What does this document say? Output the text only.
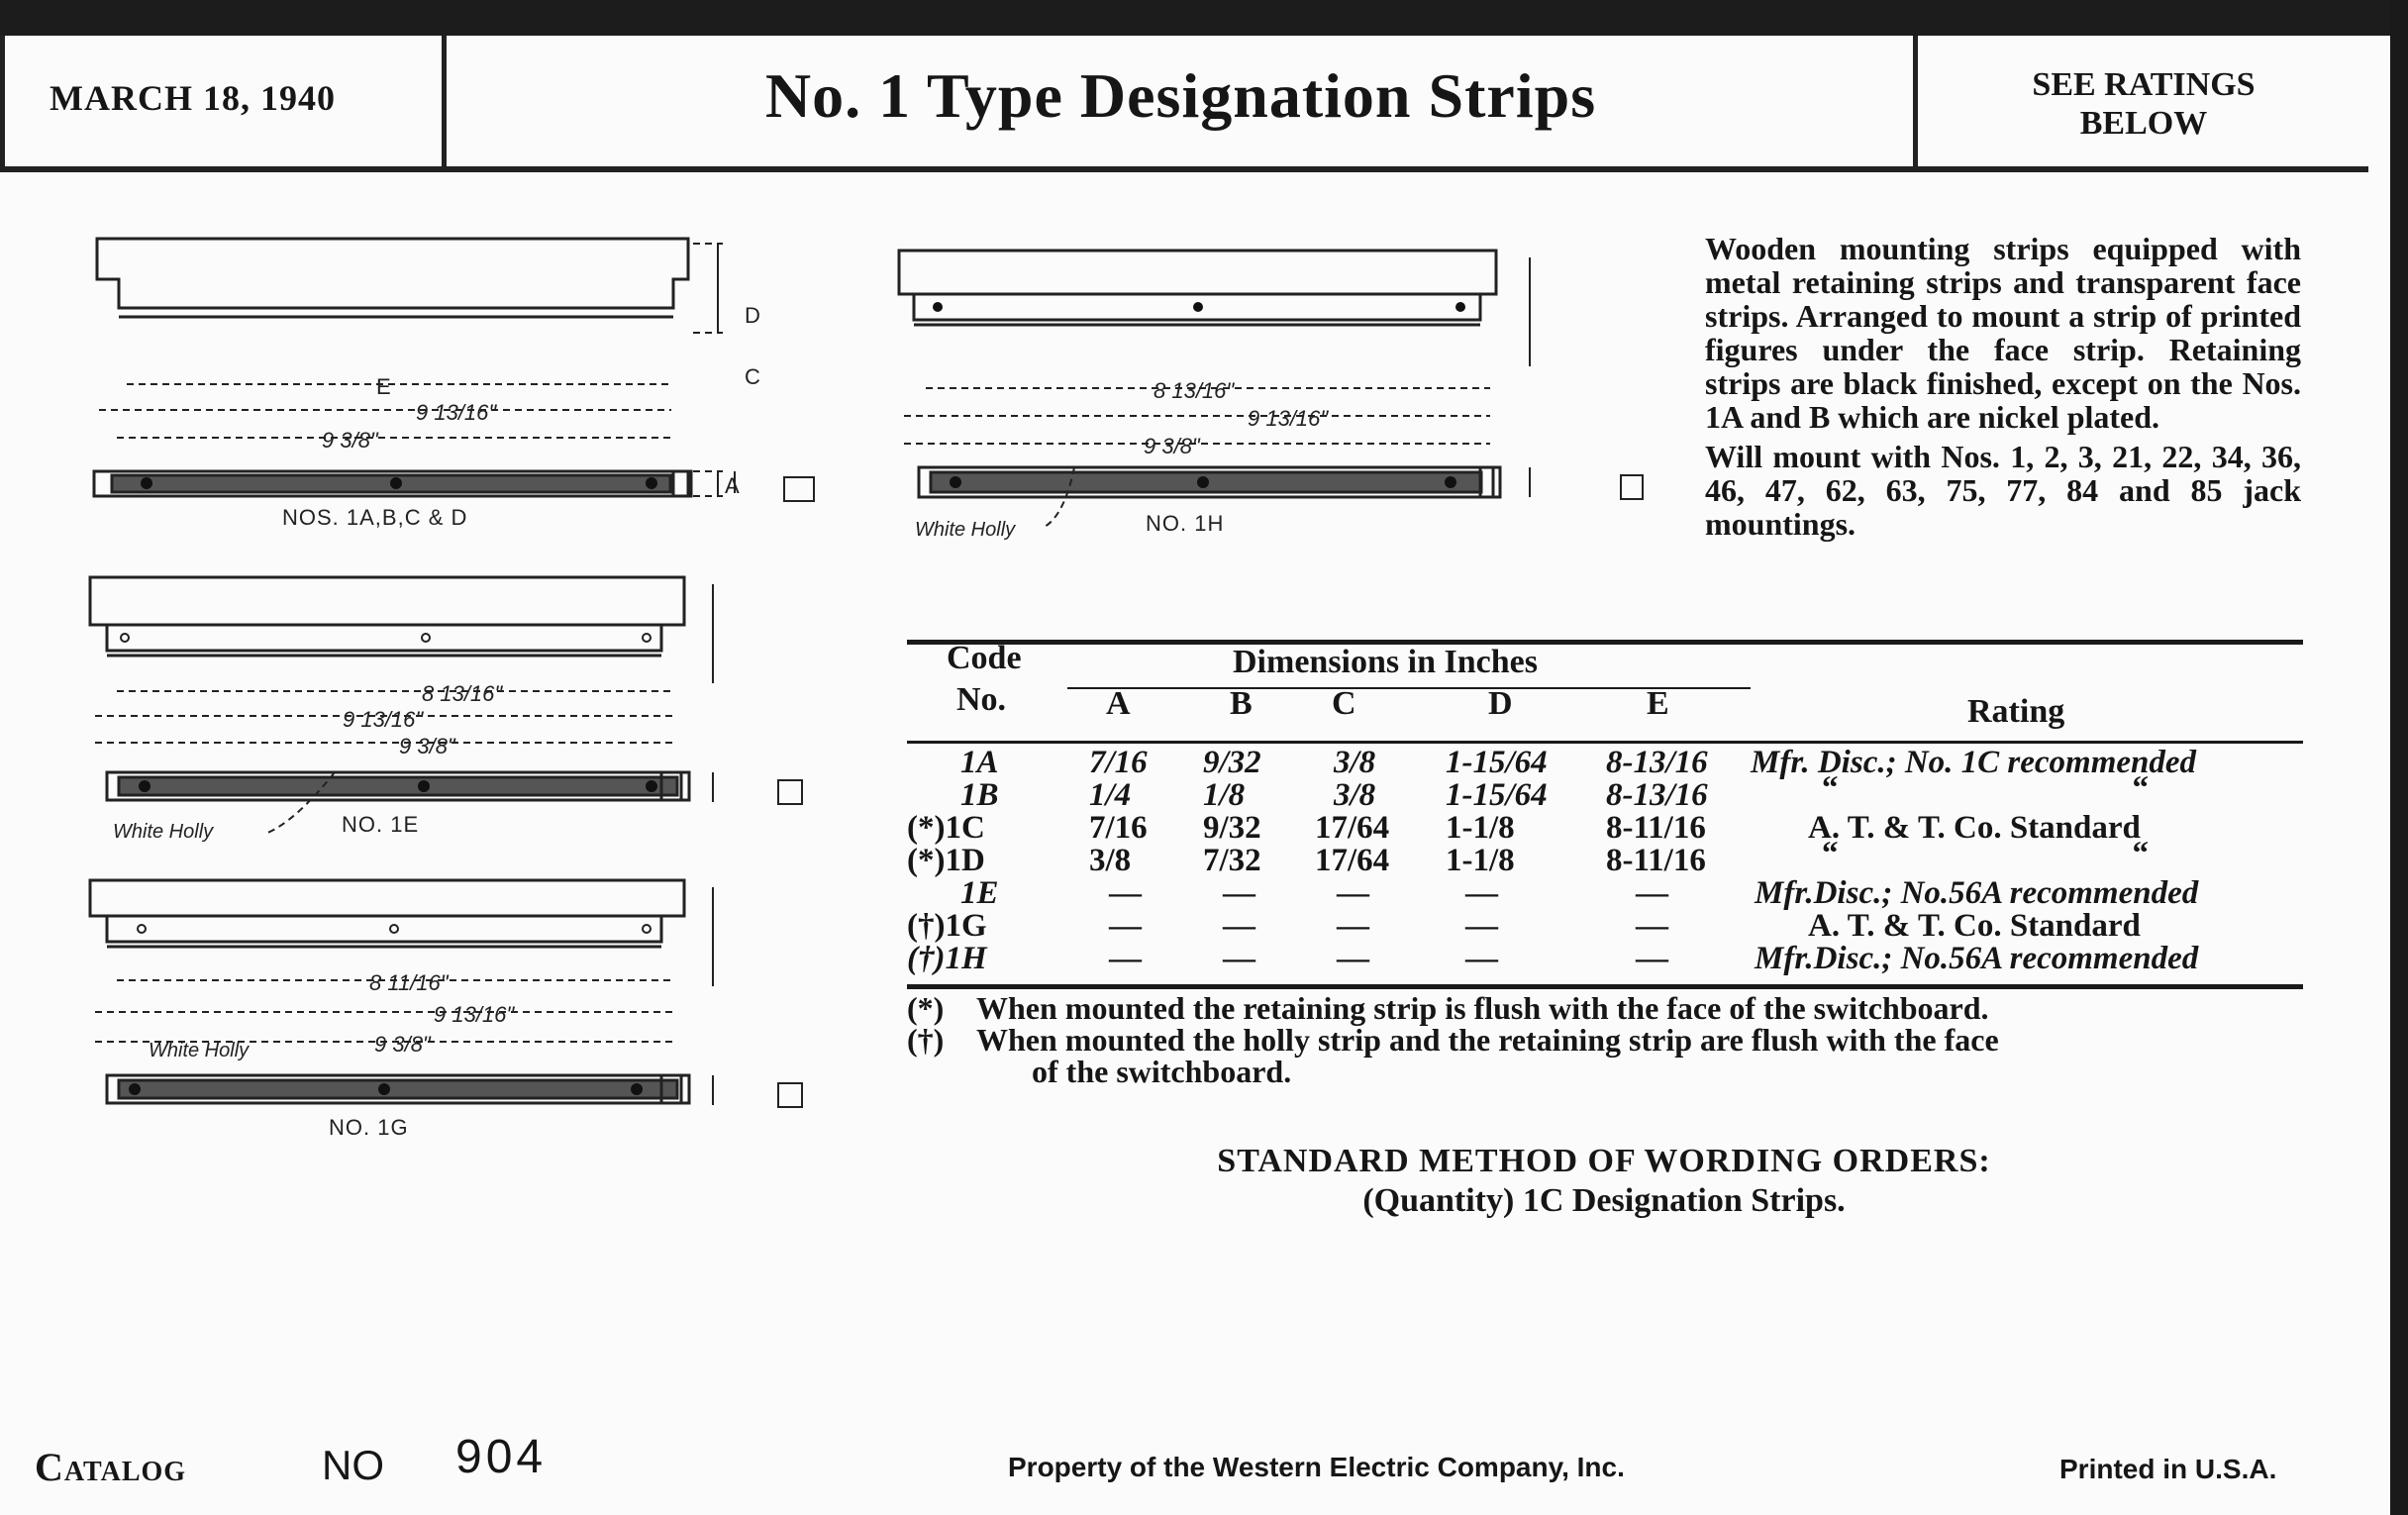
MARCH 18, 1940	No. 1 Type Designation Strips	SEE RATINGS
BELOW
E
9 13/16"
9 3/8"
D
C
A
NOS. 1A,B,C & D
8 13/16"
9 13/16"
9 3/8"
White Holly	NO. 1E
8 11/16"
9 13/16"
9 3/8"
White Holly
NO. 1G
8 13/16"
9 13/16"
9 3/8"
White Holly	NO. 1H

Wooden mounting strips equipped with metal retaining strips and transparent face strips. Arranged to mount a strip of printed figures under the face strip. Retaining strips are black finished, except on the Nos. 1A and B which are nickel plated.

Will mount with Nos. 1, 2, 3, 21, 22, 34, 36, 46, 47, 62, 63, 75, 77, 84 and 85 jack mountings.

Code
No.
Dimensions in Inches
A	B C	D	E	Rating
1A	7/16 9/32 3/8 1-15/64 8-13/16 Mfr. Disc.; No. 1C recommended
1B	1/4 1/8	3/8 1-15/64 8-13/16	“                                    “
(*)1C	7/16 9/32 17/64 1-1/8	8-11/16	A. T. & T. Co. Standard
(*)1D	3/8 7/32 17/64 1-1/8	8-11/16	“                                    “
1E	— — —	—	—	Mfr.Disc.; No.56A recommended
(†)1G	— — —	—	—	A. T. & T. Co. Standard
(†)1H	— — —	—	—	Mfr.Disc.; No.56A recommended
(*)	When mounted the retaining strip is flush with the face of the switchboard.
(†)	When mounted the holly strip and the retaining strip are flush with the face
of the switchboard.
STANDARD METHOD OF WORDING ORDERS:
(Quantity) 1C Designation Strips.
Catalog	NO 904	Property of the Western Electric Company, Inc.	Printed in U.S.A.
